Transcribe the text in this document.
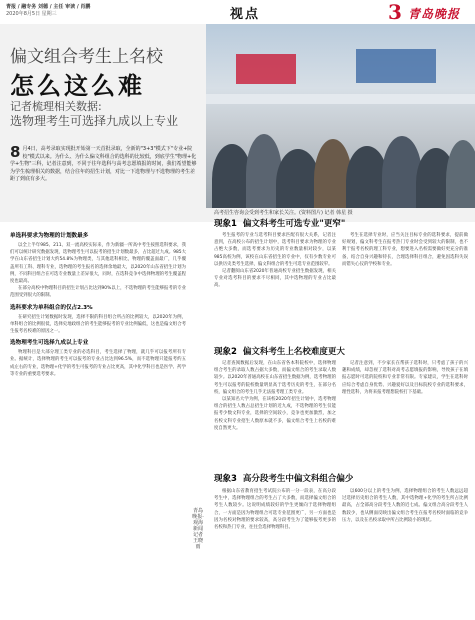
青报 / 融专务 刘德 / 主任 审读 / 肖鹏
2020年8月5日 星期三	视点	3 青岛晚报
高考招生咨询会受到考生和家长关注。(资料图片) 记者 韩星 摄
偏文组合考生上名校
怎么这么难
记者梳理相关数据:
选物理考生可选择九成以上专业
8 月4日，高考录取实现批开始第一天首批录取，全新的"3+3"模式下"专业+院校"模式以来。为什么、为什么偏文科组合的选科的比较低，到底学生"物理+化学+生物"三科，记者注意到，不同于往年选科与高考志愿填报的时间，我们希望能够为学生梳理相关的数据，结合往年的招生计划，对比一下选物理与不选物理的考生差距了到底有多大。
单选科要求为物理的计划数最多

以全上半年985、211、双一流高校实际来，作为新疆一所高中考生按照选科要求，我们可以统计研究数据发现，选物理考生可以报考的招生计划数最多，占比超过九成。985大学在山东省招生计划大约54.8%为物理类，与其他选科相比，物理的覆盖面最广，几乎覆盖所有工科、理科专业，选物理的考生报名的选择余地最大，以2020年山东省招生计划为例，不同科目组合在可选专业数量上差异很大，同时，在选科竞争中选择物理的考生覆盖程度也最高。

在部分高校中物理科目的招生计划占比达到90%以上，不选物理的考生能够报考的专业范围受到很大的限制。

选科要求为单科组合的仅占2.3%

在研究招生计划数据时发现，选择不限的科目组合所占的比例较大，以2020年为例，单科组合的比例很低，选择史地政组合的考生能够报考的专业比例偏低，这也是偏文组合考生报考名校难的原因之一。

选物理考生可选择九成以上专业

物理科目是大部分理工类专业的必选科目，考生选择了物理，就几乎可以报考所有专业。据统计，选择物理的考生可以报考的专业占比达到96.5%，而不选物理只能报考约五成左右的专业，选物理+化学的考生可报考的专业占比更高，其中化学科目也是医学、药学等专业的重要选考要求。

青岛晚报·观海新闻记者 王晓雨
现象1 偏文科考生可选专业"更窄"

考生报考的专业与选考科目要求匹配有很大关系，记者注意到，在高校公布的招生计划中，选考科目要求为物理的专业占绝大多数，而选考要求为历史的专业数量相对较少，以某985高校为例，该校在山东省招生的专业中，仅有少数专业可以供历史类考生选择，偏文科组合的考生可选专业范围较窄。

记者翻阅山东省2020年普通高校专业招生数据发现，相关专业对选考科目的要求不尽相同，其中选物理的专业占比最高。

考生在选择专业时，应当关注目标专业的选科要求，提前做好规划，偏文科考生在报考热门专业时会受到较大的限制，也不利于报考名校的理工科专业，想要进入名校需要做好更充分的准备，结合自身兴趣和特长，合理选择科目组合，避免因选科失误而错失心仪的学校和专业。

现象2 偏文科考生上名校难度更大

记者查阅数据后发现，在山东省各本科院校中，选择物理组合考生的录取人数占据大多数，而偏文组合的考生录取人数较少。以2020年普通高校在山东省招生数据为例，选考物理的考生可以报考的院校数量明显高于选考历史的考生，在部分名校，偏文组合的考生几乎无法报考理工类专业。

以某知名大学为例，在该校2020年招生计划中，选考物理组合的招生人数占总招生计划的近九成，不选物理的考生仅能报考少数文科专业，选择的空间较小，竞争也更加激烈，加之名校文科专业招生人数原本就不多，偏文组合考生上名校的难度自然更大。

记者注意到，不少家长在帮孩子选科时，只考虑了孩子的兴趣和成绩，却忽视了选科对高考志愿填报的影响，导致孩子在填报志愿时可选的院校和专业非常有限。专家建议，学生在选科时应综合考虑自身优势、兴趣爱好以及目标院校专业的选科要求，理性选科，为将来报考理想院校打下基础。

现象3 高分段考生中偏文科组合偏少

根据山东省教育招生考试院公布的一分一段表，在高分段考生中，选择物理组合的考生占了大多数，而选择偏文组合的考生人数较少。这说明成绩较好的学生更倾向于选择物理组合，一方面是因为物理组合可选专业范围更广，另一方面也是因为名校对物理的要求较高，高分段考生为了能够报考更多的名校和热门专业，往往会选择物理科目。

以600分以上的考生为例，选择物理组合的考生人数远远超过选择历史组合的考生人数，其中选物理+化学的考生所占比例最高，占全部高分段考生人数的近七成。偏文组合高分段考生人数较少，也从侧面反映出偏文组合考生在报考名校时面临的竞争压力，以及在名校录取中所占比例较小的现状。
